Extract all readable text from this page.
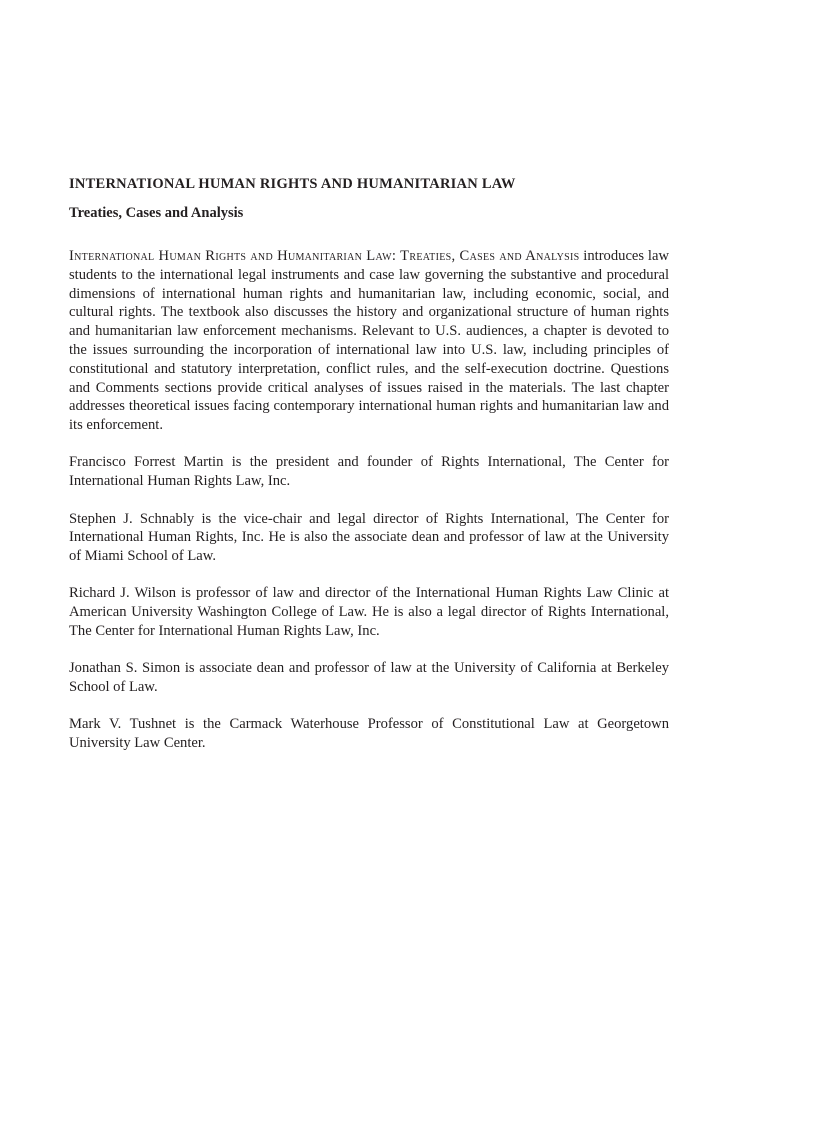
INTERNATIONAL HUMAN RIGHTS AND HUMANITARIAN LAW
Treaties, Cases and Analysis

International Human Rights and Humanitarian Law: Treaties, Cases and Analysis introduces law students to the international legal instruments and case law governing the substantive and procedural dimensions of international human rights and humanitarian law, including economic, social, and cultural rights. The textbook also discusses the history and organizational structure of human rights and humanitarian law enforcement mechanisms. Relevant to U.S. audiences, a chapter is devoted to the issues surrounding the incorporation of international law into U.S. law, including principles of constitutional and statutory interpretation, conflict rules, and the self-execution doctrine. Questions and Comments sections provide critical analyses of issues raised in the materials. The last chapter addresses theoretical issues facing contemporary international human rights and humanitarian law and its enforcement.

Francisco Forrest Martin is the president and founder of Rights International, The Center for International Human Rights Law, Inc.

Stephen J. Schnably is the vice-chair and legal director of Rights International, The Center for International Human Rights, Inc. He is also the associate dean and professor of law at the University of Miami School of Law.

Richard J. Wilson is professor of law and director of the International Human Rights Law Clinic at American University Washington College of Law. He is also a legal director of Rights International, The Center for International Human Rights Law, Inc.

Jonathan S. Simon is associate dean and professor of law at the University of California at Berkeley School of Law.

Mark V. Tushnet is the Carmack Waterhouse Professor of Constitutional Law at Georgetown University Law Center.
